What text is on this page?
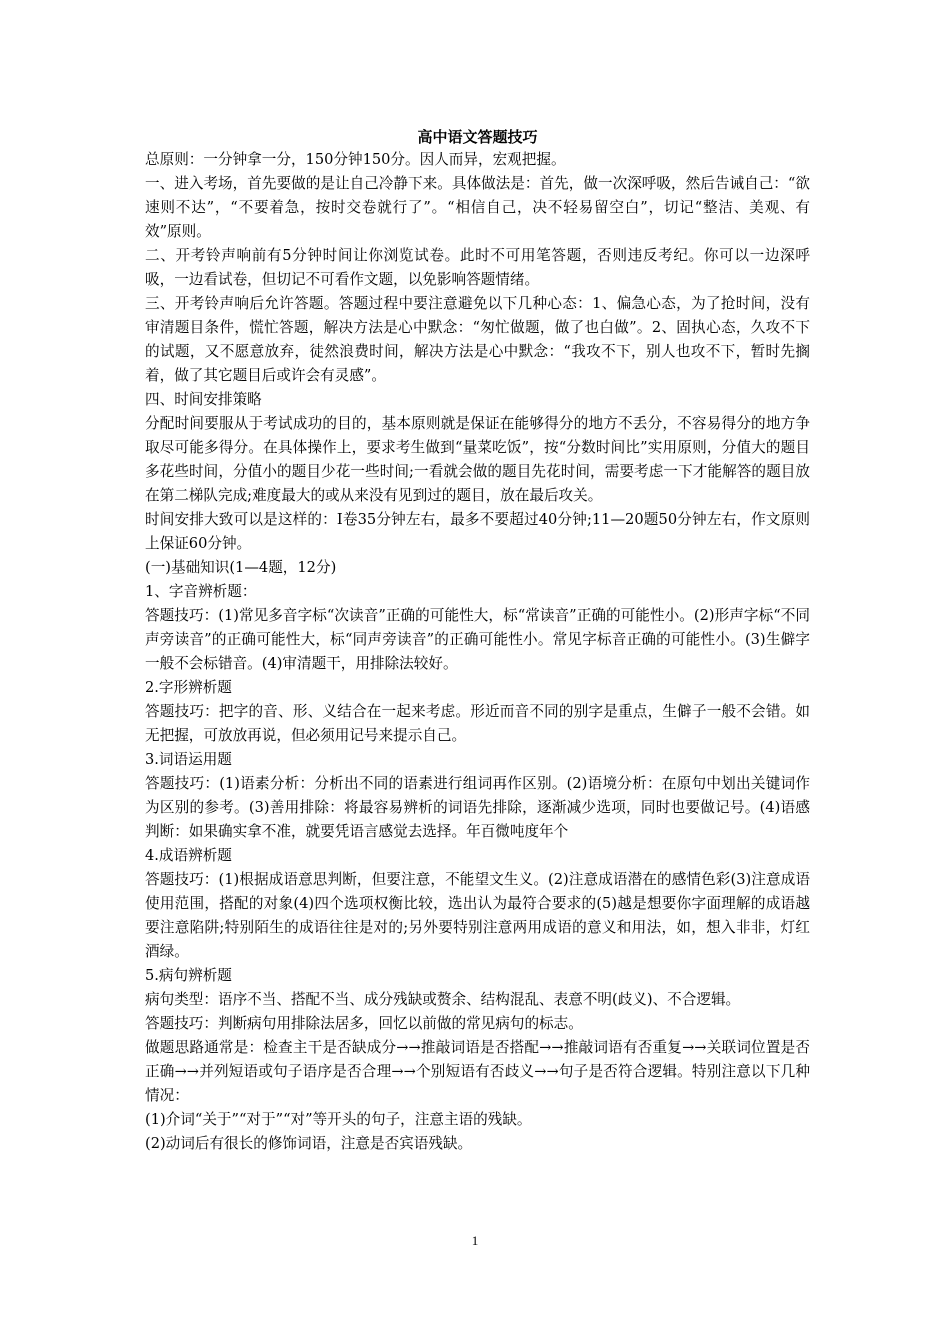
高中语文答题技巧

总原则：一分钟拿一分，150分钟150分。因人而异，宏观把握。

一、进入考场，首先要做的是让自己冷静下来。具体做法是：首先，做一次深呼吸，然后告诫自己：“欲速则不达”，“不要着急，按时交卷就行了”。“相信自己，决不轻易留空白”，切记“整洁、美观、有效”原则。

二、开考铃声响前有5分钟时间让你浏览试卷。此时不可用笔答题，否则违反考纪。你可以一边深呼吸，一边看试卷，但切记不可看作文题，以免影响答题情绪。

三、开考铃声响后允许答题。答题过程中要注意避免以下几种心态：1、偏急心态，为了抢时间，没有审清题目条件，慌忙答题，解决方法是心中默念：“匆忙做题，做了也白做”。2、固执心态，久攻不下的试题，又不愿意放弃，徒然浪费时间，解决方法是心中默念：“我攻不下，别人也攻不下，暂时先搁着，做了其它题目后或许会有灵感”。

四、时间安排策略

分配时间要服从于考试成功的目的，基本原则就是保证在能够得分的地方不丢分，不容易得分的地方争取尽可能多得分。在具体操作上，要求考生做到“量菜吃饭”，按“分数时间比”实用原则，分值大的题目多花些时间，分值小的题目少花一些时间;一看就会做的题目先花时间，需要考虑一下才能解答的题目放在第二梯队完成;难度最大的或从来没有见到过的题目，放在最后攻关。

时间安排大致可以是这样的：Ⅰ卷35分钟左右，最多不要超过40分钟;11—20题50分钟左右，作文原则上保证60分钟。

(一)基础知识(1—4题，12分)

1、字音辨析题：

答题技巧：(1)常见多音字标“次读音”正确的可能性大，标“常读音”正确的可能性小。(2)形声字标“不同声旁读音”的正确可能性大，标“同声旁读音”的正确可能性小。常见字标音正确的可能性小。(3)生僻字一般不会标错音。(4)审清题干，用排除法较好。

2.字形辨析题

答题技巧：把字的音、形、义结合在一起来考虑。形近而音不同的别字是重点，生僻子一般不会错。如无把握，可放放再说，但必须用记号来提示自己。

3.词语运用题

答题技巧：(1)语素分析：分析出不同的语素进行组词再作区别。(2)语境分析：在原句中划出关键词作为区别的参考。(3)善用排除：将最容易辨析的词语先排除，逐渐减少选项，同时也要做记号。(4)语感判断：如果确实拿不准，就要凭语言感觉去选择。年百微吨度年个

4.成语辨析题

答题技巧：(1)根据成语意思判断，但要注意，不能望文生义。(2)注意成语潜在的感情色彩(3)注意成语使用范围，搭配的对象(4)四个选项权衡比较，选出认为最符合要求的(5)越是想要你字面理解的成语越要注意陷阱;特别陌生的成语往往是对的;另外要特别注意两用成语的意义和用法，如，想入非非，灯红酒绿。

5.病句辨析题

病句类型：语序不当、搭配不当、成分残缺或赘余、结构混乱、表意不明(歧义)、不合逻辑。

答题技巧：判断病句用排除法居多，回忆以前做的常见病句的标志。

做题思路通常是：检查主干是否缺成分→→推敲词语是否搭配→→推敲词语有否重复→→关联词位置是否正确→→并列短语或句子语序是否合理→→个别短语有否歧义→→句子是否符合逻辑。特别注意以下几种情况：

(1)介词“关于”“对于”“对”等开头的句子，注意主语的残缺。

(2)动词后有很长的修饰词语，注意是否宾语残缺。

1
